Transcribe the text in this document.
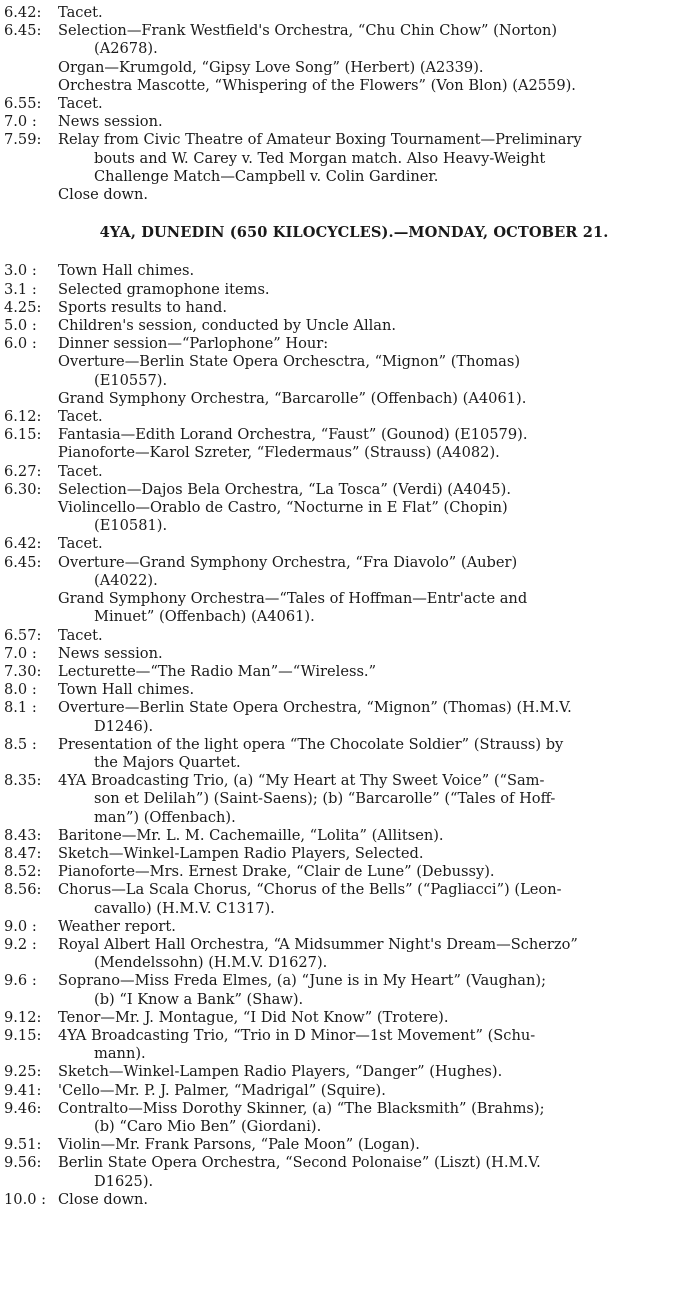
6.42:	Tacet.
6.45:	Selection—Frank Westfield's Orchestra, “Chu Chin Chow” (Norton)
(A2678).
Organ—Krumgold, “Gipsy Love Song” (Herbert) (A2339).
Orchestra Mascotte, “Whispering of the Flowers” (Von Blon) (A2559).
6.55:	Tacet.
7.0 :	News session.
7.59:	Relay from Civic Theatre of Amateur Boxing Tournament—Preliminary
bouts and W. Carey v. Ted Morgan match. Also Heavy-Weight
Challenge Match—Campbell v. Colin Gardiner.
Close down.
4YA, DUNEDIN (650 KILOCYCLES).—MONDAY, OCTOBER 21.
3.0 :	Town Hall chimes.
3.1 :	Selected gramophone items.
4.25:	Sports results to hand.
5.0 :	Children's session, conducted by Uncle Allan.
6.0 :	Dinner session—“Parlophone” Hour:
Overture—Berlin State Opera Orchesctra, “Mignon” (Thomas)
(E10557).
Grand Symphony Orchestra, “Barcarolle” (Offenbach) (A4061).
6.12:	Tacet.
6.15:	Fantasia—Edith Lorand Orchestra, “Faust” (Gounod) (E10579).
Pianoforte—Karol Szreter, “Fledermaus” (Strauss) (A4082).
6.27:	Tacet.
6.30:	Selection—Dajos Bela Orchestra, “La Tosca” (Verdi) (A4045).
Violincello—Orablo de Castro, “Nocturne in E Flat” (Chopin)
(E10581).
6.42:	Tacet.
6.45:	Overture—Grand Symphony Orchestra, “Fra Diavolo” (Auber)
(A4022).
Grand Symphony Orchestra—“Tales of Hoffman—Entr'acte and
Minuet” (Offenbach) (A4061).
6.57:	Tacet.
7.0 :	News session.
7.30:	Lecturette—“The Radio Man”—“Wireless.”
8.0 :	Town Hall chimes.
8.1 :	Overture—Berlin State Opera Orchestra, “Mignon” (Thomas) (H.M.V.
D1246).
8.5 :	Presentation of the light opera “The Chocolate Soldier” (Strauss) by
the Majors Quartet.
8.35:	4YA Broadcasting Trio, (a) “My Heart at Thy Sweet Voice” (“Sam-
son et Delilah”) (Saint-Saens); (b) “Barcarolle” (“Tales of Hoff-
man”) (Offenbach).
8.43:	Baritone—Mr. L. M. Cachemaille, “Lolita” (Allitsen).
8.47:	Sketch—Winkel-Lampen Radio Players, Selected.
8.52:	Pianoforte—Mrs. Ernest Drake, “Clair de Lune” (Debussy).
8.56:	Chorus—La Scala Chorus, “Chorus of the Bells” (“Pagliacci”) (Leon-
cavallo) (H.M.V. C1317).
9.0 :	Weather report.
9.2 :	Royal Albert Hall Orchestra, “A Midsummer Night's Dream—Scherzo”
(Mendelssohn) (H.M.V. D1627).
9.6 :	Soprano—Miss Freda Elmes, (a) “June is in My Heart” (Vaughan);
(b) “I Know a Bank” (Shaw).
9.12:	Tenor—Mr. J. Montague, “I Did Not Know” (Trotere).
9.15:	4YA Broadcasting Trio, “Trio in D Minor—1st Movement” (Schu-
mann).
9.25:	Sketch—Winkel-Lampen Radio Players, “Danger” (Hughes).
9.41:	'Cello—Mr. P. J. Palmer, “Madrigal” (Squire).
9.46:	Contralto—Miss Dorothy Skinner, (a) “The Blacksmith” (Brahms);
(b) “Caro Mio Ben” (Giordani).
9.51:	Violin—Mr. Frank Parsons, “Pale Moon” (Logan).
9.56:	Berlin State Opera Orchestra, “Second Polonaise” (Liszt) (H.M.V.
D1625).
10.0 : Close down.
